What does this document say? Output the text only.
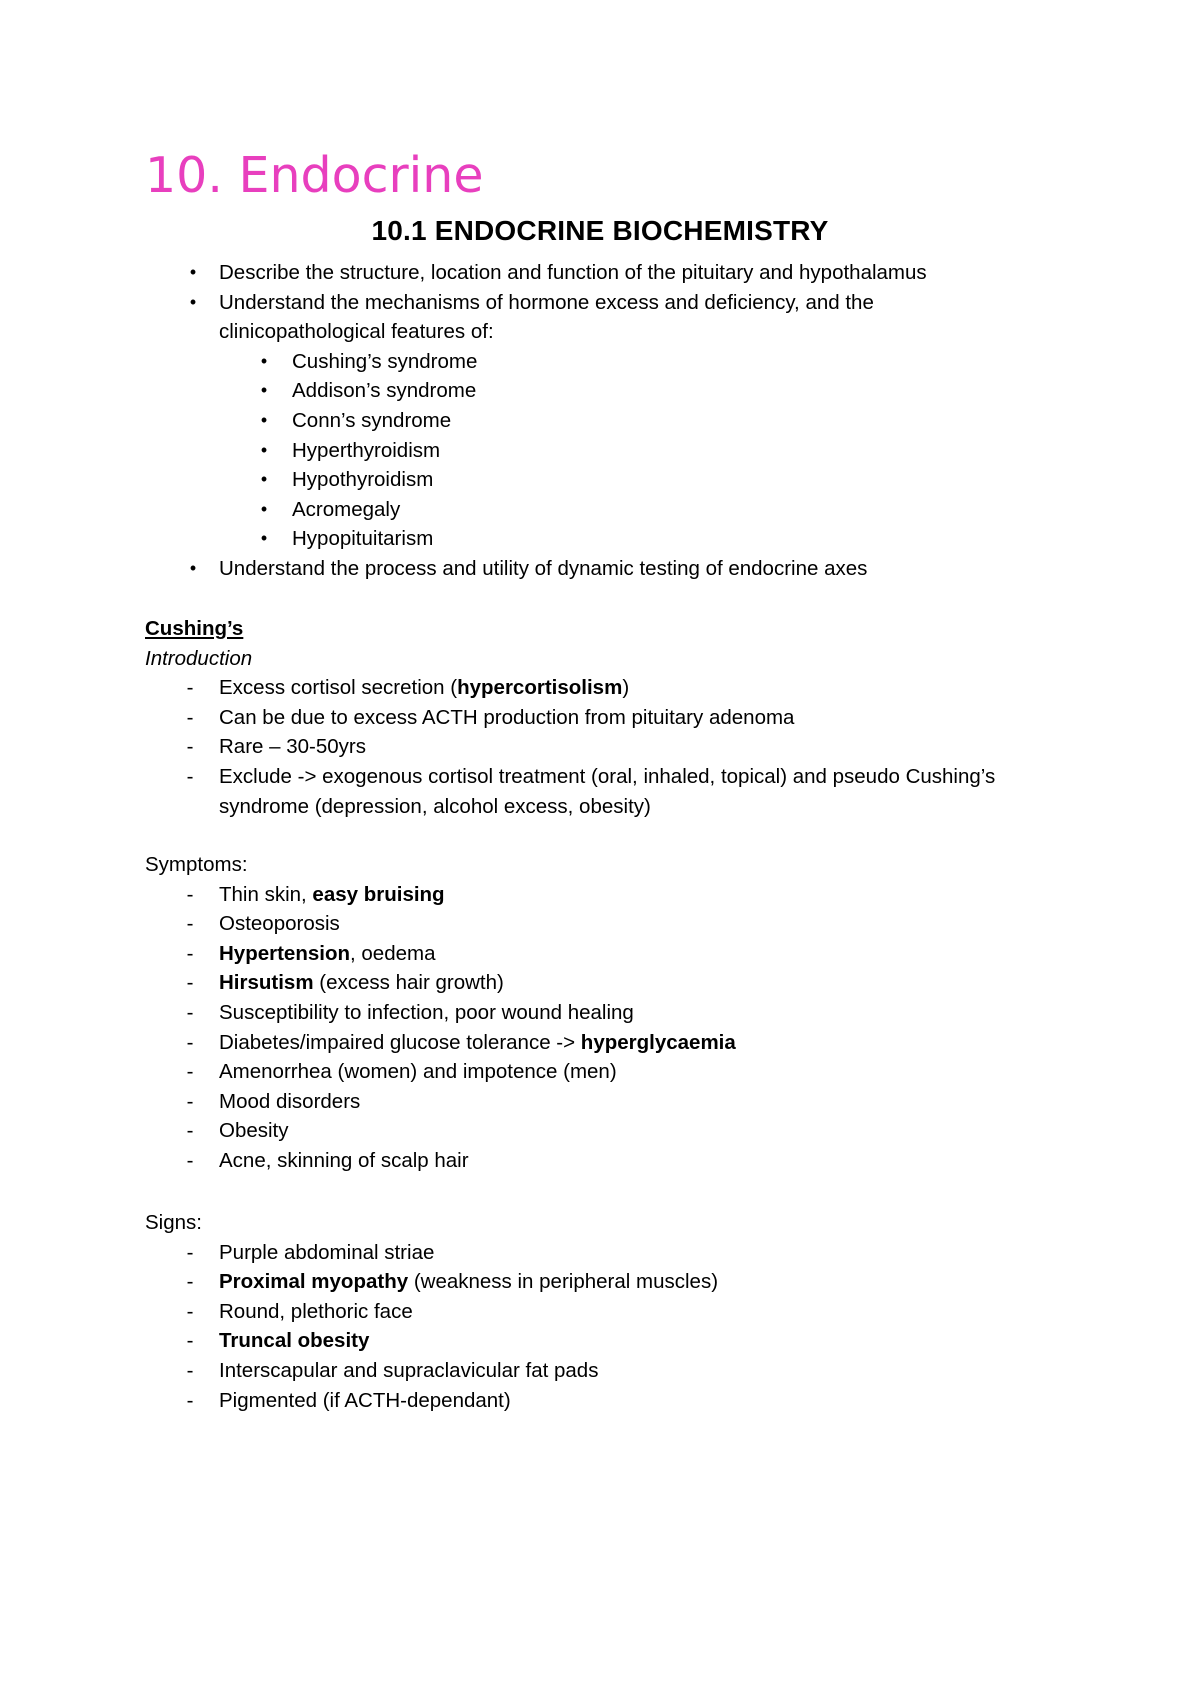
10. Endocrine
10.1 ENDOCRINE BIOCHEMISTRY
•	Describe the structure, location and function of the pituitary and hypothalamus
•	Understand the mechanisms of hormone excess and deficiency, and the
clinicopathological features of:
•	Cushing’s syndrome
•	Addison’s syndrome
•	Conn’s syndrome
•	Hyperthyroidism
•	Hypothyroidism
•	Acromegaly
•	Hypopituitarism
•	Understand the process and utility of dynamic testing of endocrine axes
Cushing’s
Introduction
-	Excess cortisol secretion (hypercortisolism)
-	Can be due to excess ACTH production from pituitary adenoma
-	Rare – 30-50yrs
-	Exclude -> exogenous cortisol treatment (oral, inhaled, topical) and pseudo Cushing’s
syndrome (depression, alcohol excess, obesity)
Symptoms:
-	Thin skin, easy bruising
-	Osteoporosis
-	Hypertension, oedema
-	Hirsutism (excess hair growth)
-	Susceptibility to infection, poor wound healing
-	Diabetes/impaired glucose tolerance -> hyperglycaemia
-	Amenorrhea (women) and impotence (men)
-	Mood disorders
-	Obesity
-	Acne, skinning of scalp hair
Signs:
-	Purple abdominal striae
-	Proximal myopathy (weakness in peripheral muscles)
-	Round, plethoric face
-	Truncal obesity
-	Interscapular and supraclavicular fat pads
-	Pigmented (if ACTH-dependant)
